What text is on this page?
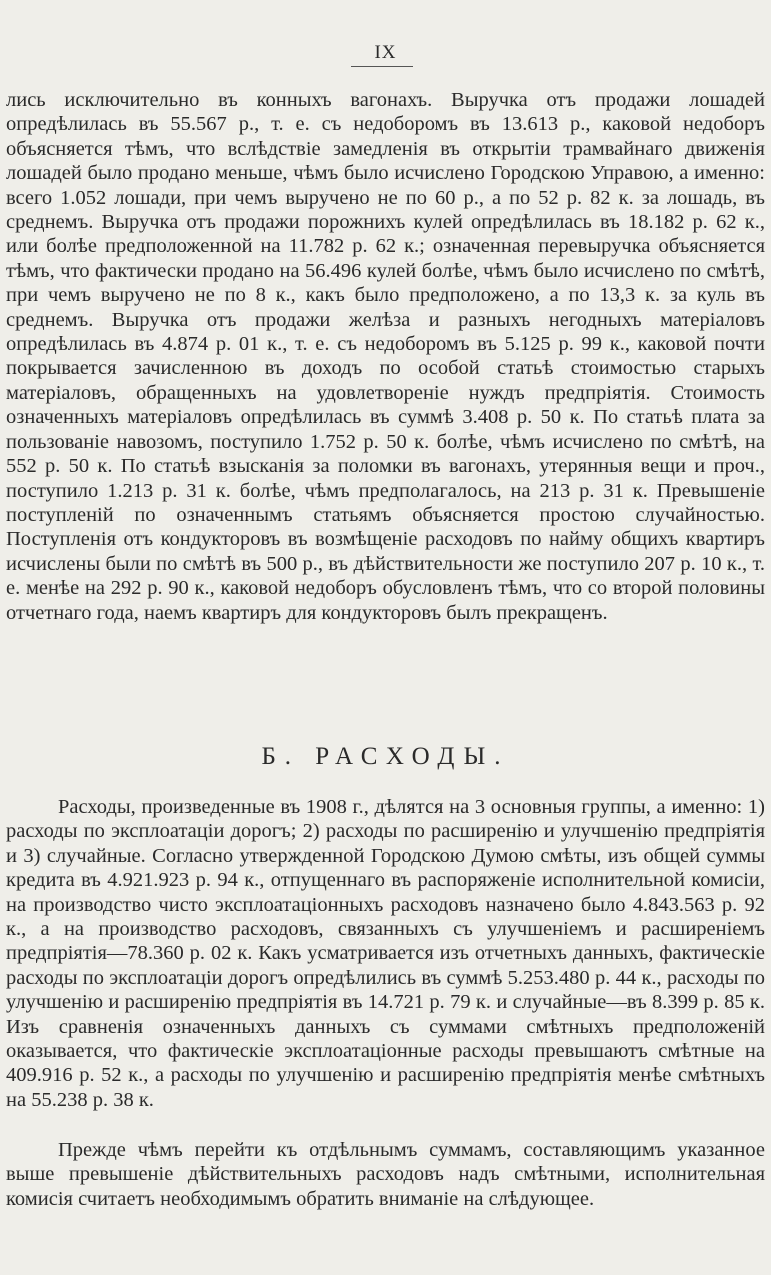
IX

лись исключительно въ конныхъ вагонахъ. Выручка отъ продажи лошадей опредѣлилась въ 55.567 р., т. е. съ недоборомъ въ 13.613 р., каковой недоборъ объясняется тѣмъ, что вслѣдствіе замедленія въ открытіи трамвайнаго движенія лошадей было продано меньше, чѣмъ было исчислено Городскою Управою, а именно: всего 1.052 лошади, при чемъ выручено не по 60 р., а по 52 р. 82 к. за лошадь, въ среднемъ. Выручка отъ продажи порожнихъ кулей опредѣлилась въ 18.182 р. 62 к., или болѣе предположенной на 11.782 р. 62 к.; означенная перевыручка объясняется тѣмъ, что фактически продано на 56.496 кулей болѣе, чѣмъ было исчислено по смѣтѣ, при чемъ выручено не по 8 к., какъ было предположено, а по 13,3 к. за куль въ среднемъ. Выручка отъ продажи желѣза и разныхъ негодныхъ матеріаловъ опредѣлилась въ 4.874 р. 01 к., т. е. съ недоборомъ въ 5.125 р. 99 к., каковой почти покрывается зачисленною въ доходъ по особой статьѣ стоимостью старыхъ матеріаловъ, обращенныхъ на удовлетвореніе нуждъ предпріятія. Стоимость означенныхъ матеріаловъ опредѣлилась въ суммѣ 3.408 р. 50 к. По статьѣ плата за пользованіе навозомъ, поступило 1.752 р. 50 к. болѣе, чѣмъ исчислено по смѣтѣ, на 552 р. 50 к. По статьѣ взысканія за поломки въ вагонахъ, утерянныя вещи и проч., поступило 1.213 р. 31 к. болѣе, чѣмъ предполагалось, на 213 р. 31 к. Превышеніе поступленій по означеннымъ статьямъ объясняется простою случайностью. Поступленія отъ кондукторовъ въ возмѣщеніе расходовъ по найму общихъ квартиръ исчислены были по смѣтѣ въ 500 р., въ дѣйствительности же поступило 207 р. 10 к., т. е. менѣе на 292 р. 90 к., каковой недоборъ обусловленъ тѣмъ, что со второй половины отчетнаго года, наемъ квартиръ для кондукторовъ былъ прекращенъ.

Б. РАСХОДЫ.

Расходы, произведенные въ 1908 г., дѣлятся на 3 основныя группы, а именно: 1) расходы по эксплоатаціи дорогъ; 2) расходы по расширенію и улучшенію предпріятія и 3) случайные. Согласно утвержденной Городскою Думою смѣты, изъ общей суммы кредита въ 4.921.923 р. 94 к., отпущеннаго въ распоряженіе исполнительной комисіи, на производство чисто эксплоатаціонныхъ расходовъ назначено было 4.843.563 р. 92 к., а на производство расходовъ, связанныхъ съ улучшеніемъ и расширеніемъ предпріятія—78.360 р. 02 к. Какъ усматривается изъ отчетныхъ данныхъ, фактическіе расходы по эксплоатаціи дорогъ опредѣлились въ суммѣ 5.253.480 р. 44 к., расходы по улучшенію и расширенію предпріятія въ 14.721 р. 79 к. и случайные—въ 8.399 р. 85 к. Изъ сравненія означенныхъ данныхъ съ суммами смѣтныхъ предположеній оказывается, что фактическіе эксплоатаціонные расходы превышаютъ смѣтные на 409.916 р. 52 к., а расходы по улучшенію и расширенію предпріятія менѣе смѣтныхъ на 55.238 р. 38 к.

Прежде чѣмъ перейти къ отдѣльнымъ суммамъ, составляющимъ указанное выше превышеніе дѣйствительныхъ расходовъ надъ смѣтными, исполнительная комисія считаетъ необходимымъ обратить вниманіе на слѣдующее.
